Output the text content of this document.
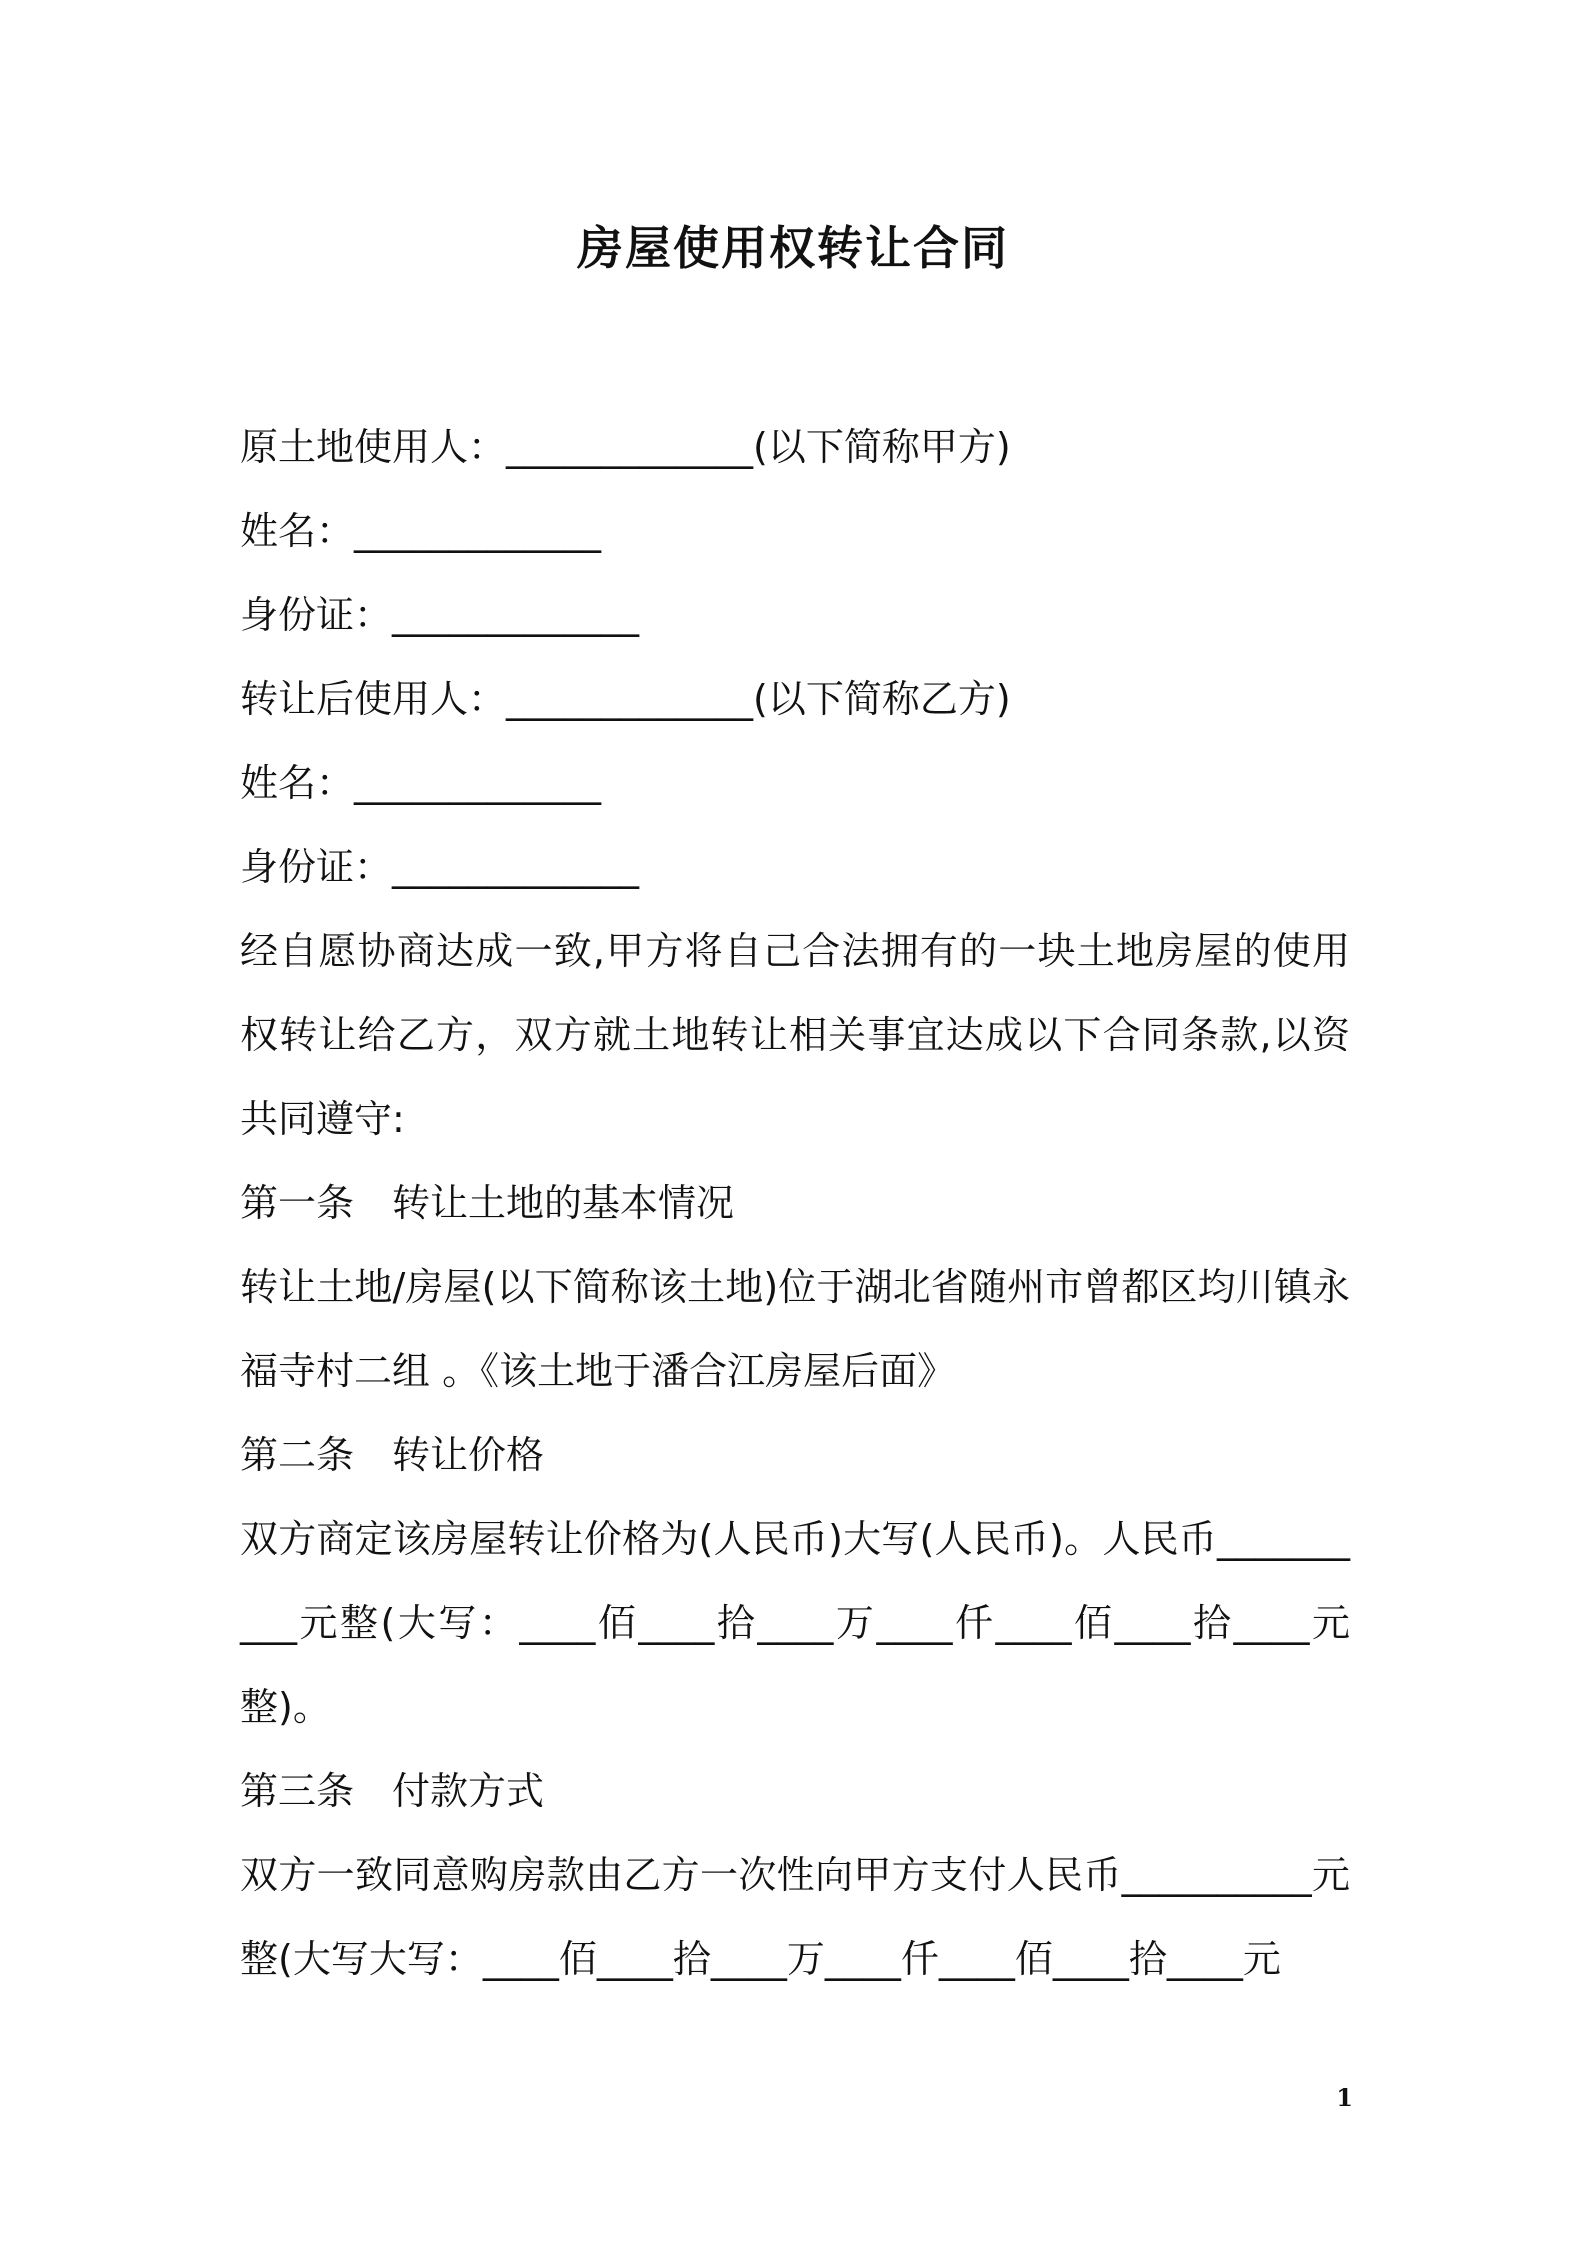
房屋使用权转让合同
原土地使用人：_____________(以下简称甲方)
姓名：_____________
身份证：_____________
转让后使用人：_____________(以下简称乙方)
姓名：_____________
身份证：_____________
经自愿协商达成一致,甲方将自己合法拥有的一块土地房屋的使用权转让给乙方，双方就土地转让相关事宜达成以下合同条款,以资共同遵守:
第一条　转让土地的基本情况
转让土地/房屋(以下简称该土地)位于湖北省随州市曾都区均川镇永福寺村二组 。《该土地于潘合江房屋后面》
第二条　转让价格
双方商定该房屋转让价格为(人民币)大写(人民币)。人民币__________元整(大写：____佰____拾____万____仟____佰____拾____元整)。
第三条　付款方式
双方一致同意购房款由乙方一次性向甲方支付人民币__________元整(大写大写：____佰____拾____万____仟____佰____拾____元
1
